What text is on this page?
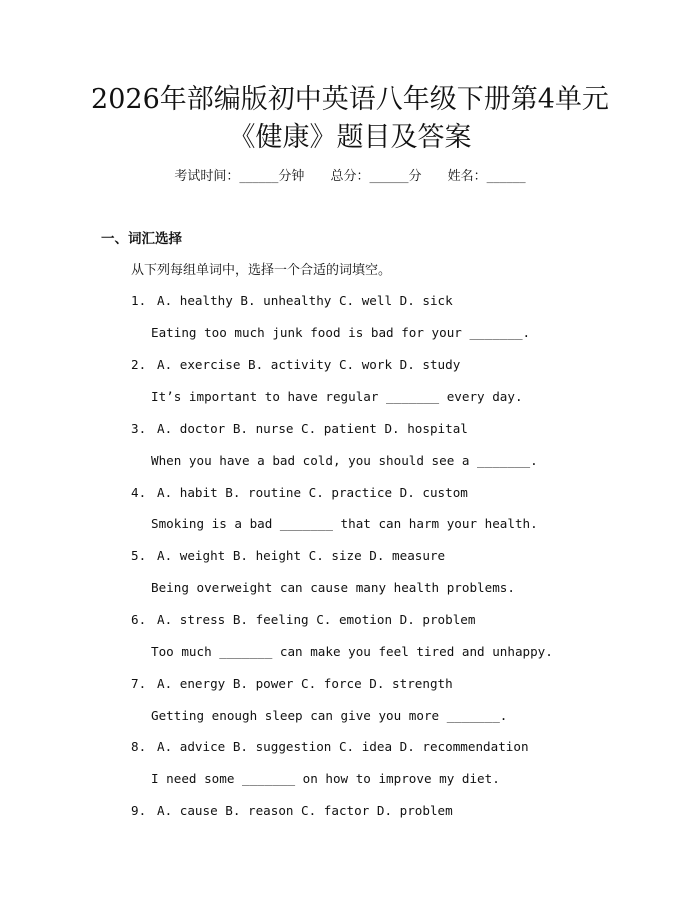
2026年部编版初中英语八年级下册第4单元
《健康》题目及答案
考试时间：______分钟 总分：______分 姓名：______
一、词汇选择
从下列每组单词中，选择一个合适的词填空。
1. A. healthy B. unhealthy C. well D. sick
Eating too much junk food is bad for your _______.
2. A. exercise B. activity C. work D. study
It’s important to have regular _______ every day.
3. A. doctor B. nurse C. patient D. hospital
When you have a bad cold, you should see a _______.
4. A. habit B. routine C. practice D. custom
Smoking is a bad _______ that can harm your health.
5. A. weight B. height C. size D. measure
Being overweight can cause many health problems.
6. A. stress B. feeling C. emotion D. problem
Too much _______ can make you feel tired and unhappy.
7. A. energy B. power C. force D. strength
Getting enough sleep can give you more _______.
8. A. advice B. suggestion C. idea D. recommendation
I need some _______ on how to improve my diet.
9. A. cause B. reason C. factor D. problem
